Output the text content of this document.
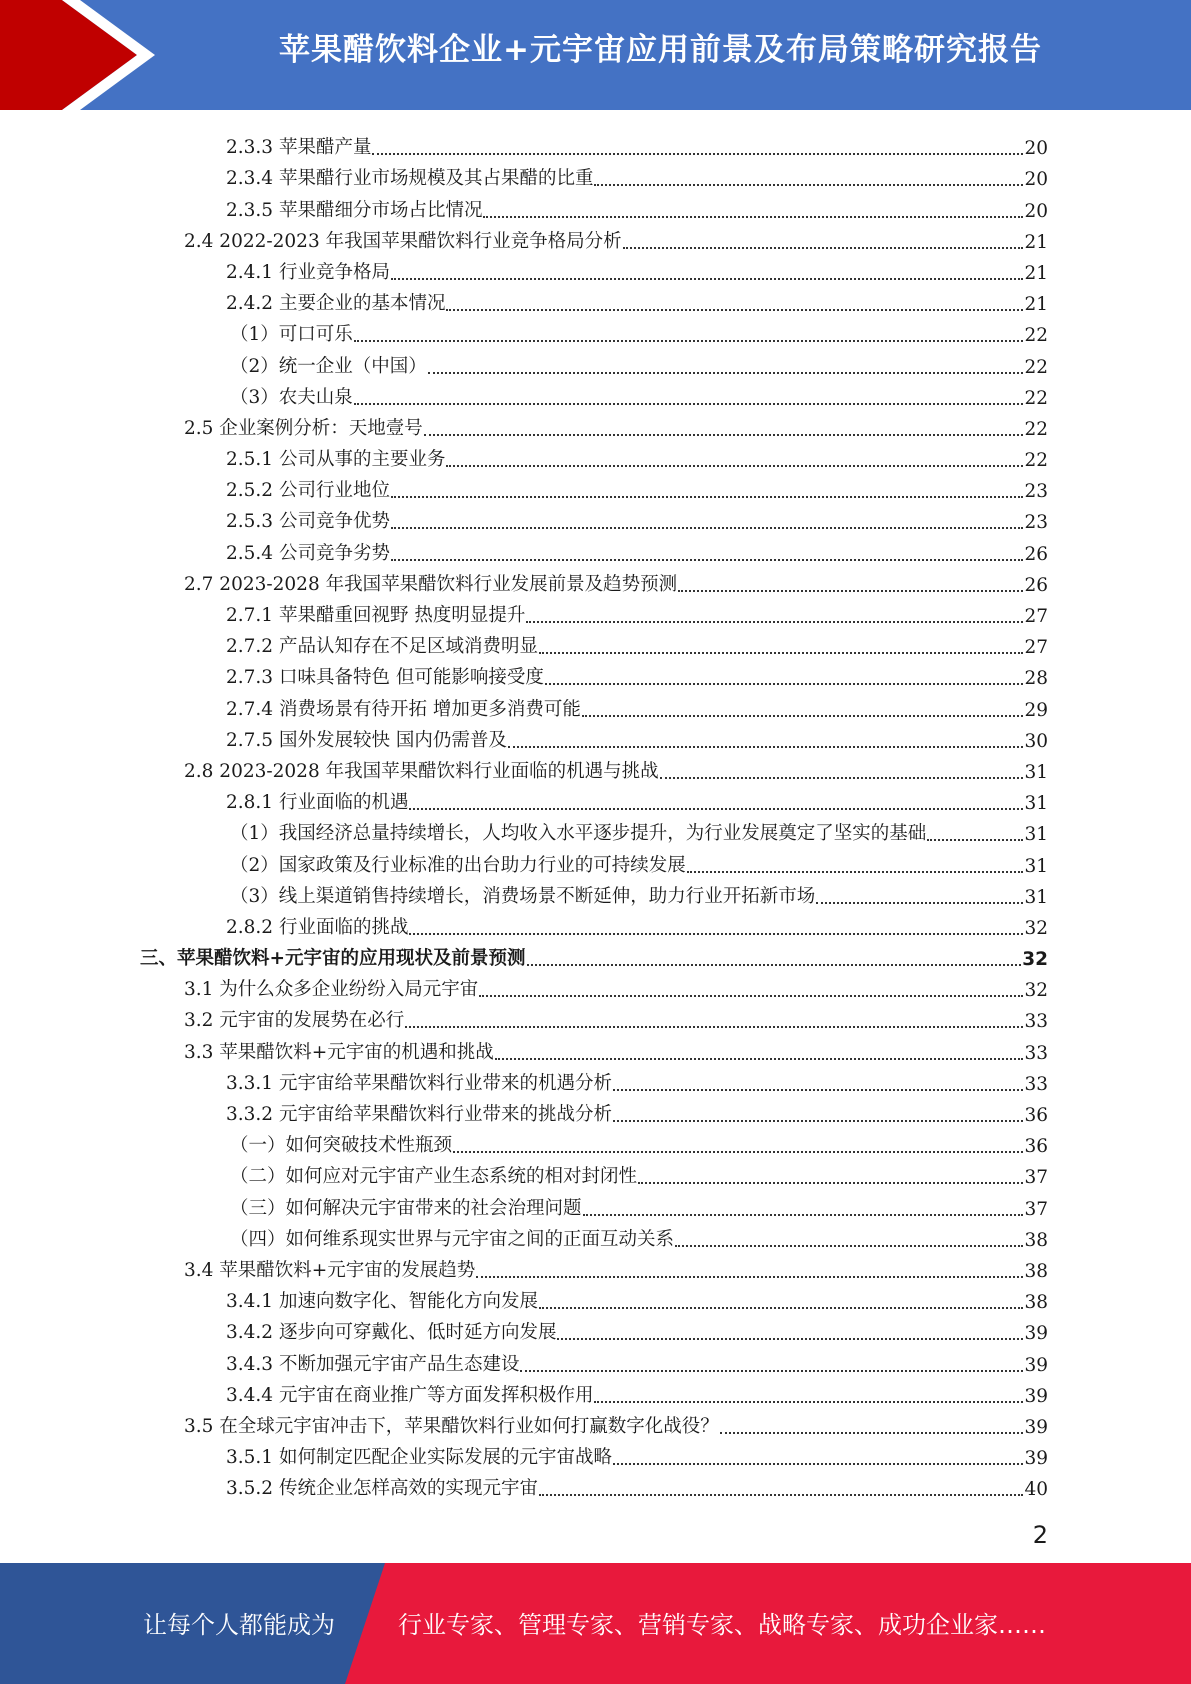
苹果醋饮料企业+元宇宙应用前景及布局策略研究报告
2.3.3 苹果醋产量	20
2.3.4 苹果醋行业市场规模及其占果醋的比重	20
2.3.5 苹果醋细分市场占比情况	20
2.4 2022-2023 年我国苹果醋饮料行业竞争格局分析	21
2.4.1 行业竞争格局	21
2.4.2 主要企业的基本情况	21
（1）可口可乐	22
（2）统一企业（中国）	22
（3）农夫山泉	22
2.5 企业案例分析：天地壹号	22
2.5.1 公司从事的主要业务	22
2.5.2 公司行业地位	23
2.5.3 公司竞争优势	23
2.5.4 公司竞争劣势	26
2.7 2023-2028 年我国苹果醋饮料行业发展前景及趋势预测	26
2.7.1 苹果醋重回视野 热度明显提升	27
2.7.2 产品认知存在不足区域消费明显	27
2.7.3 口味具备特色 但可能影响接受度	28
2.7.4 消费场景有待开拓 增加更多消费可能	29
2.7.5 国外发展较快 国内仍需普及	30
2.8 2023-2028 年我国苹果醋饮料行业面临的机遇与挑战	31
2.8.1 行业面临的机遇	31
（1）我国经济总量持续增长，人均收入水平逐步提升，为行业发展奠定了坚实的基础	31
（2）国家政策及行业标准的出台助力行业的可持续发展	31
（3）线上渠道销售持续增长，消费场景不断延伸，助力行业开拓新市场	31
2.8.2 行业面临的挑战	32
三、苹果醋饮料+元宇宙的应用现状及前景预测	32
3.1 为什么众多企业纷纷入局元宇宙	32
3.2 元宇宙的发展势在必行	33
3.3 苹果醋饮料+元宇宙的机遇和挑战	33
3.3.1 元宇宙给苹果醋饮料行业带来的机遇分析	33
3.3.2 元宇宙给苹果醋饮料行业带来的挑战分析	36
（一）如何突破技术性瓶颈	36
（二）如何应对元宇宙产业生态系统的相对封闭性	37
（三）如何解决元宇宙带来的社会治理问题	37
（四）如何维系现实世界与元宇宙之间的正面互动关系	38
3.4 苹果醋饮料+元宇宙的发展趋势	38
3.4.1 加速向数字化、智能化方向发展	38
3.4.2 逐步向可穿戴化、低时延方向发展	39
3.4.3 不断加强元宇宙产品生态建设	39
3.4.4 元宇宙在商业推广等方面发挥积极作用	39
3.5 在全球元宇宙冲击下，苹果醋饮料行业如何打赢数字化战役？	39
3.5.1 如何制定匹配企业实际发展的元宇宙战略	39
3.5.2 传统企业怎样高效的实现元宇宙	40
2
让每个人都能成为	行业专家、管理专家、营销专家、战略专家、成功企业家……
